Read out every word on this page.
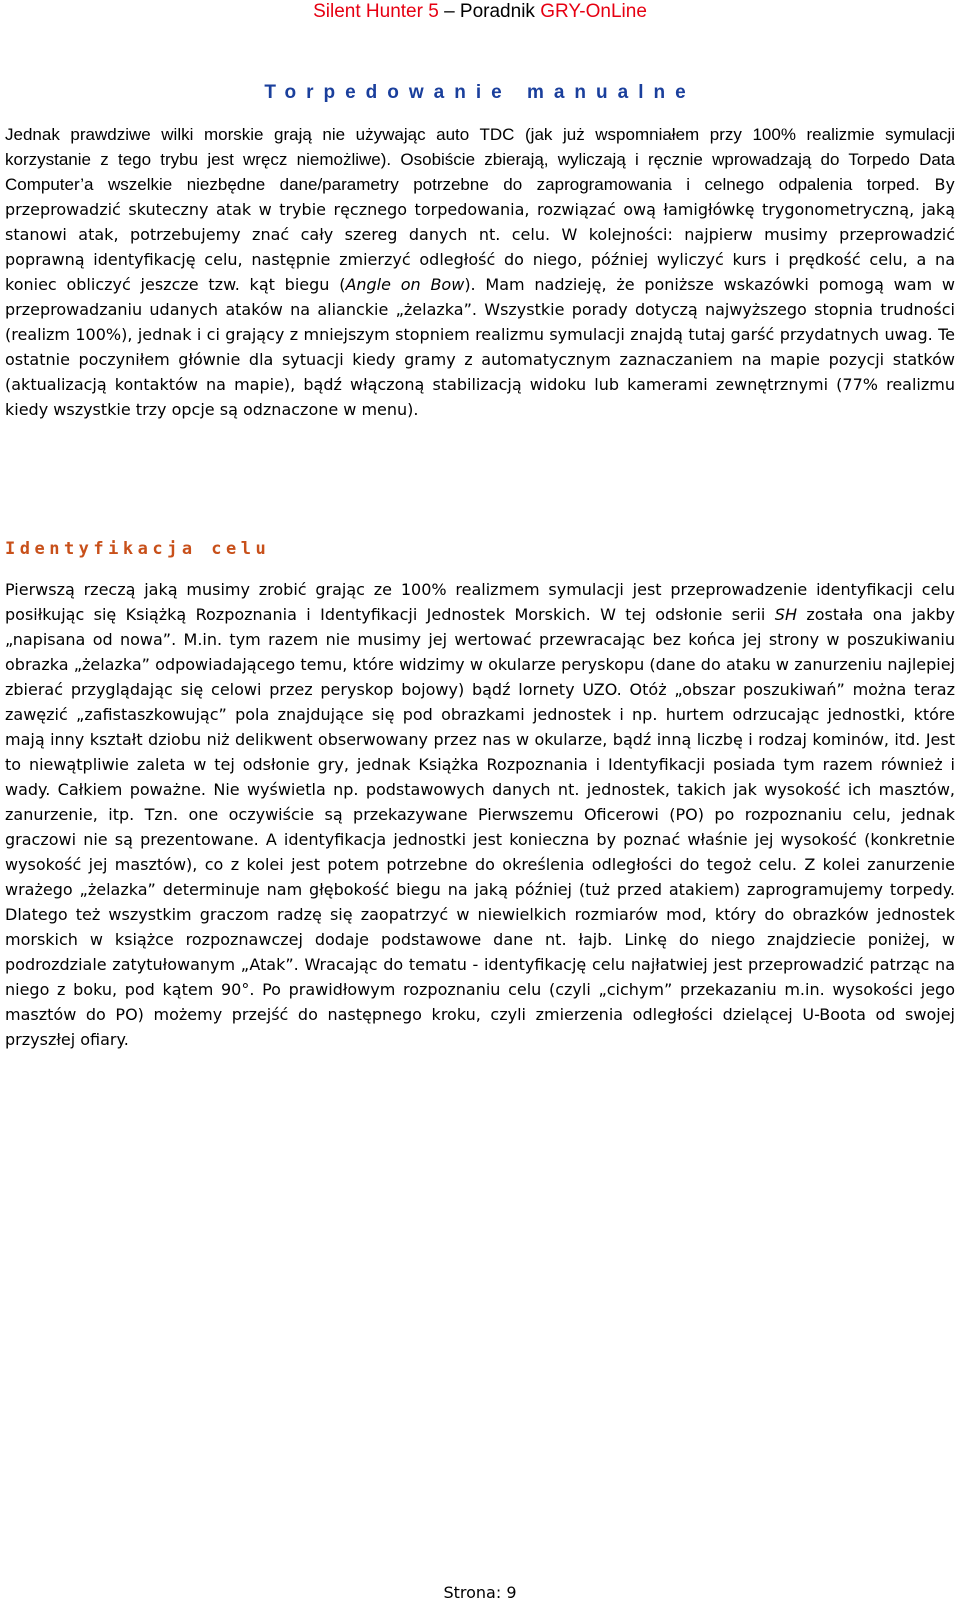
Silent Hunter 5 – Poradnik GRY-OnLine
Torpedowanie manualne
Jednak prawdziwe wilki morskie grają nie używając auto TDC (jak już wspomniałem przy 100% realizmie symulacji korzystanie z tego trybu jest wręcz niemożliwe). Osobiście zbierają, wyliczają i ręcznie wprowadzają do Torpedo Data Computer’a wszelkie niezbędne dane/parametry potrzebne do zaprogramowania i celnego odpalenia torped. By przeprowadzić skuteczny atak w trybie ręcznego torpedowania, rozwiązać ową łamigłówkę trygonometryczną, jaką stanowi atak, potrzebujemy znać cały szereg danych nt. celu. W kolejności: najpierw musimy przeprowadzić poprawną identyfikację celu, następnie zmierzyć odległość do niego, później wyliczyć kurs i prędkość celu, a na koniec obliczyć jeszcze tzw. kąt biegu (Angle on Bow). Mam nadzieję, że poniższe wskazówki pomogą wam w przeprowadzaniu udanych ataków na alianckie „żelazka”. Wszystkie porady dotyczą najwyższego stopnia trudności (realizm 100%), jednak i ci grający z mniejszym stopniem realizmu symulacji znajdą tutaj garść przydatnych uwag. Te ostatnie poczyniłem głównie dla sytuacji kiedy gramy z automatycznym zaznaczaniem na mapie pozycji statków (aktualizacją kontaktów na mapie), bądź włączoną stabilizacją widoku lub kamerami zewnętrznymi (77% realizmu kiedy wszystkie trzy opcje są odznaczone w menu).
Identyfikacja celu
Pierwszą rzeczą jaką musimy zrobić grając ze 100% realizmem symulacji jest przeprowadzenie identyfikacji celu posiłkując się Książką Rozpoznania i Identyfikacji Jednostek Morskich. W tej odsłonie serii SH została ona jakby „napisana od nowa”. M.in. tym razem nie musimy jej wertować przewracając bez końca jej strony w poszukiwaniu obrazka „żelazka” odpowiadającego temu, które widzimy w okularze peryskopu (dane do ataku w zanurzeniu najlepiej zbierać przyglądając się celowi przez peryskop bojowy) bądź lornety UZO. Otóż „obszar poszukiwań” można teraz zawęzić „zafistaszkowując” pola znajdujące się pod obrazkami jednostek i np. hurtem odrzucając jednostki, które mają inny kształt dziobu niż delikwent obserwowany przez nas w okularze, bądź inną liczbę i rodzaj kominów, itd. Jest to niewątpliwie zaleta w tej odsłonie gry, jednak Książka Rozpoznania i Identyfikacji posiada tym razem również i wady. Całkiem poważne. Nie wyświetla np. podstawowych danych nt. jednostek, takich jak wysokość ich masztów, zanurzenie, itp. Tzn. one oczywiście są przekazywane Pierwszemu Oficerowi (PO) po rozpoznaniu celu, jednak graczowi nie są prezentowane. A identyfikacja jednostki jest konieczna by poznać właśnie jej wysokość (konkretnie wysokość jej masztów), co z kolei jest potem potrzebne do określenia odległości do tegoż celu. Z kolei zanurzenie wrażego „żelazka” determinuje nam głębokość biegu na jaką później (tuż przed atakiem) zaprogramujemy torpedy. Dlatego też wszystkim graczom radzę się zaopatrzyć w niewielkich rozmiarów mod, który do obrazków jednostek morskich w książce rozpoznawczej dodaje podstawowe dane nt. łajb. Linkę do niego znajdziecie poniżej, w podrozdziale zatytułowanym „Atak”. Wracając do tematu - identyfikację celu najłatwiej jest przeprowadzić patrząc na niego z boku, pod kątem 90°. Po prawidłowym rozpoznaniu celu (czyli „cichym” przekazaniu m.in. wysokości jego masztów do PO) możemy przejść do następnego kroku, czyli zmierzenia odległości dzielącej U-Boota od swojej przyszłej ofiary.
Strona: 9
